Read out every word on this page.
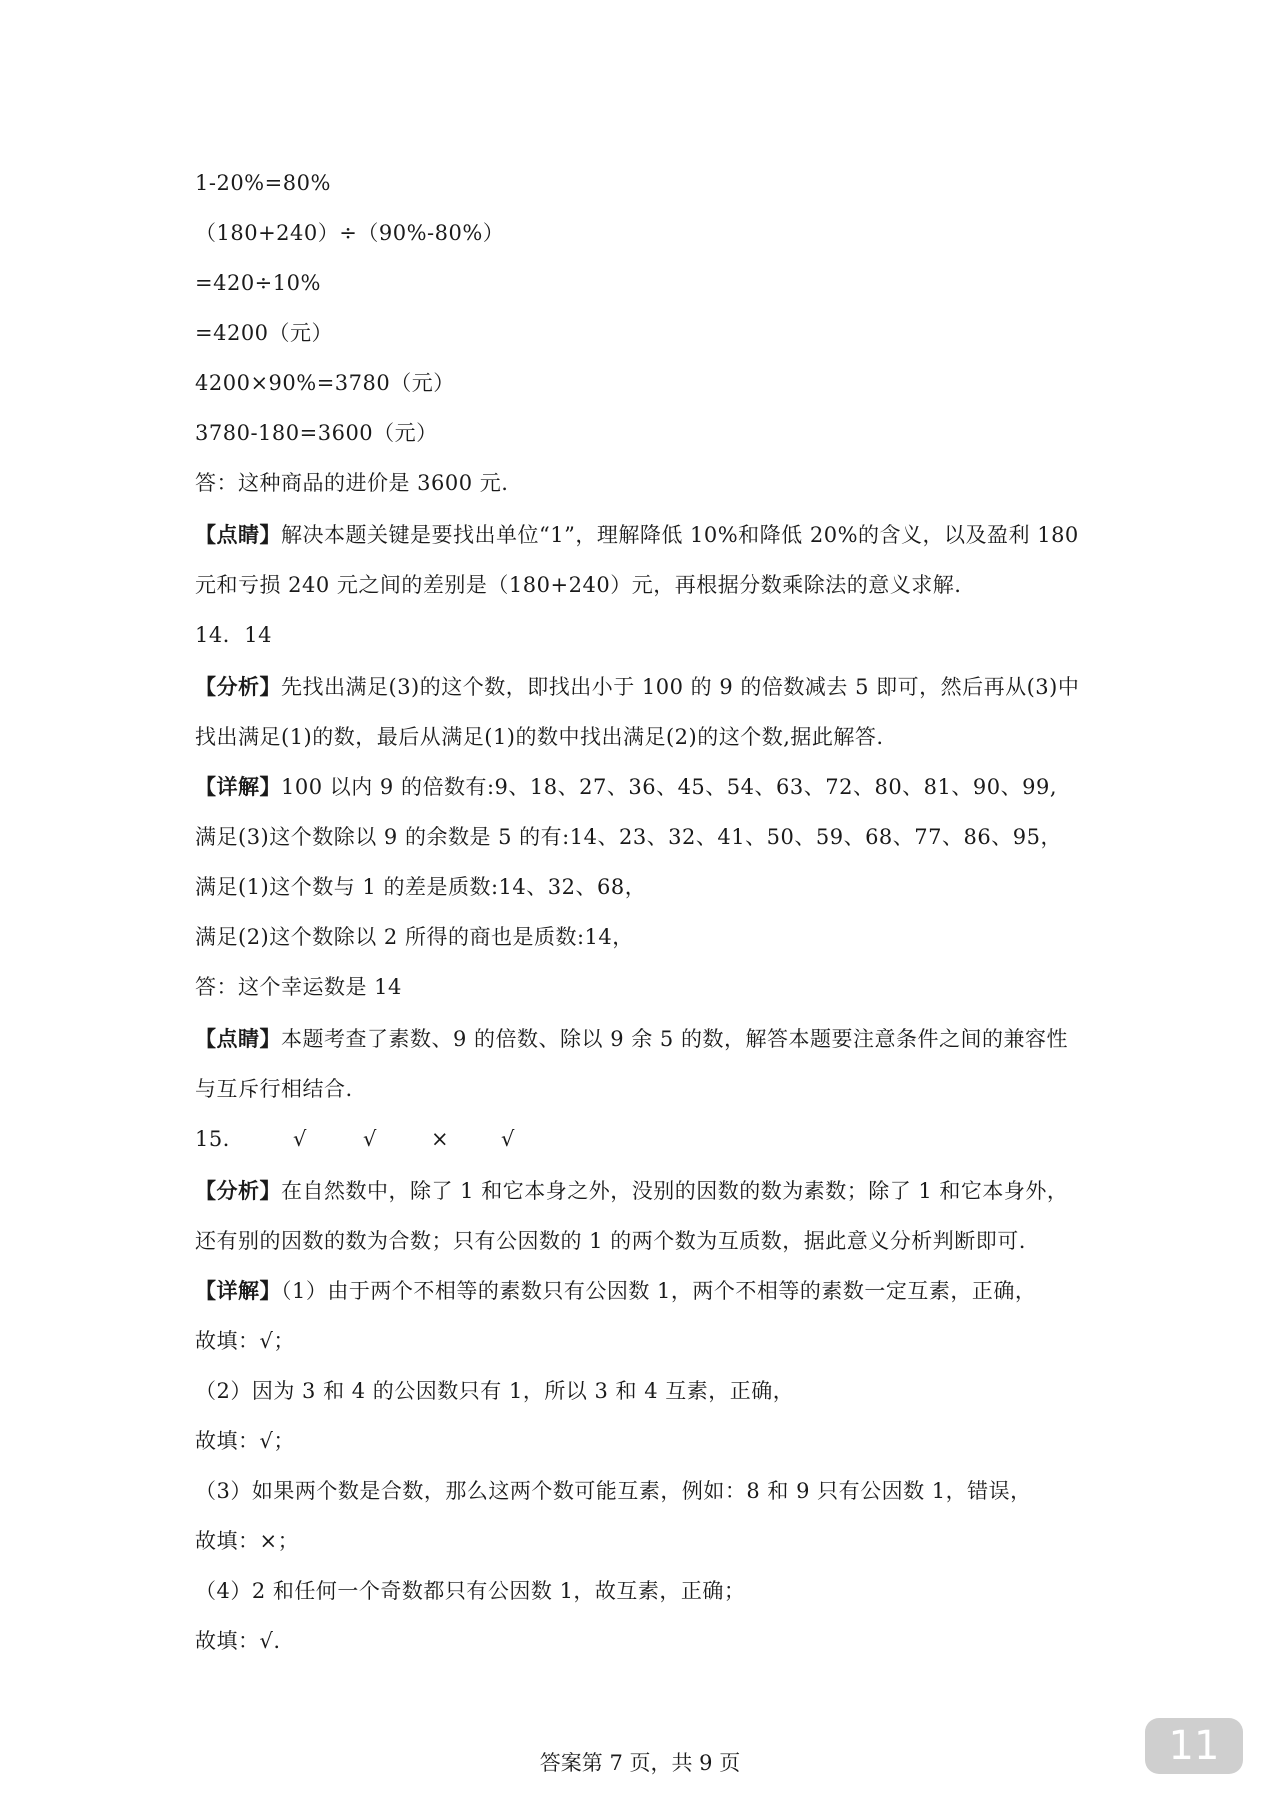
1-20%=80%
（180+240）÷（90%-80%）
=420÷10%
=4200（元）
4200×90%=3780（元）
3780-180=3600（元）
答：这种商品的进价是 3600 元.
【点睛】解决本题关键是要找出单位“1”，理解降低 10%和降低 20%的含义，以及盈利 180
元和亏损 240 元之间的差别是（180+240）元，再根据分数乘除法的意义求解.
14．14
【分析】先找出满足(3)的这个数，即找出小于 100 的 9 的倍数减去 5 即可，然后再从(3)中
找出满足(1)的数，最后从满足(1)的数中找出满足(2)的这个数,据此解答.
【详解】100 以内 9 的倍数有:9、18、27、36、45、54、63、72、80、81、90、99,
满足(3)这个数除以 9 的余数是 5 的有:14、23、32、41、50、59、68、77、86、95，
满足(1)这个数与 1 的差是质数:14、32、68，
满足(2)这个数除以 2 所得的商也是质数:14，
答：这个幸运数是 14
【点睛】本题考查了素数、9 的倍数、除以 9 余 5 的数，解答本题要注意条件之间的兼容性
与互斥行相结合.
15． √	√	× √
【分析】在自然数中，除了 1 和它本身之外，没别的因数的数为素数；除了 1 和它本身外，
还有别的因数的数为合数；只有公因数的 1 的两个数为互质数，据此意义分析判断即可.
【详解】（1）由于两个不相等的素数只有公因数 1，两个不相等的素数一定互素，正确，
故填：√；
（2）因为 3 和 4 的公因数只有 1，所以 3 和 4 互素，正确，
故填：√；
（3）如果两个数是合数，那么这两个数可能互素，例如：8 和 9 只有公因数 1，错误，
故填：×；
（4）2 和任何一个奇数都只有公因数 1，故互素，正确；
故填：√.
答案第 7 页，共 9 页	11
